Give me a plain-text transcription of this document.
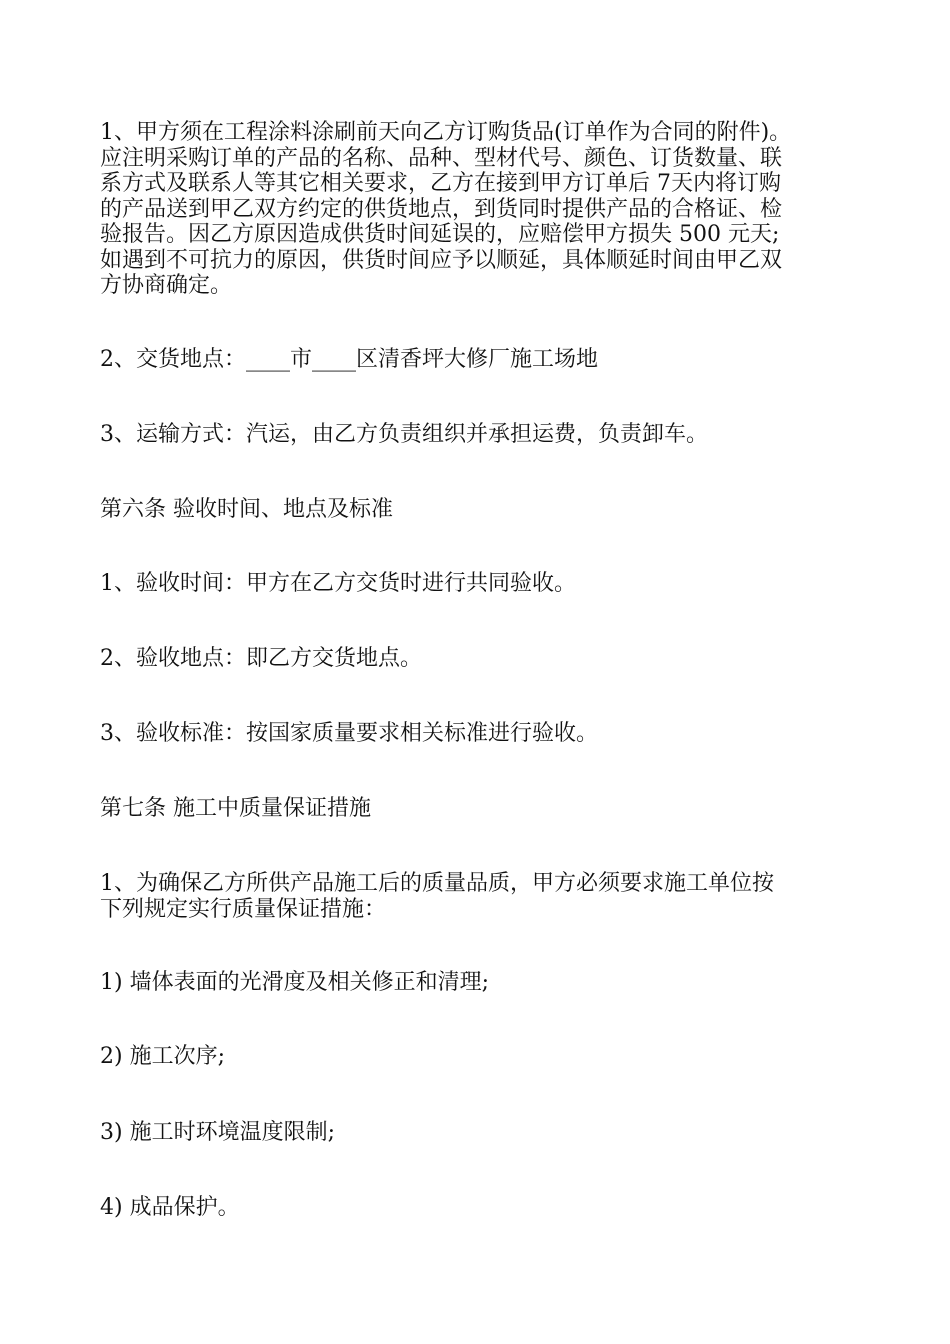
1、甲方须在工程涂料涂刷前天向乙方订购货品(订单作为合同的附件)。
应注明采购订单的产品的名称、品种、型材代号、颜色、订货数量、联
系方式及联系人等其它相关要求，乙方在接到甲方订单后 7天内将订购
的产品送到甲乙双方约定的供货地点，到货同时提供产品的合格证、检
验报告。因乙方原因造成供货时间延误的，应赔偿甲方损失 500 元天;
如遇到不可抗力的原因，供货时间应予以顺延，具体顺延时间由甲乙双
方协商确定。
2、交货地点：____市____区清香坪大修厂施工场地
3、运输方式：汽运，由乙方负责组织并承担运费，负责卸车。
第六条 验收时间、地点及标准
1、验收时间：甲方在乙方交货时进行共同验收。
2、验收地点：即乙方交货地点。
3、验收标准：按国家质量要求相关标准进行验收。
第七条 施工中质量保证措施
1、为确保乙方所供产品施工后的质量品质，甲方必须要求施工单位按
下列规定实行质量保证措施：
1) 墙体表面的光滑度及相关修正和清理;
2) 施工次序;
3) 施工时环境温度限制;
4) 成品保护。
